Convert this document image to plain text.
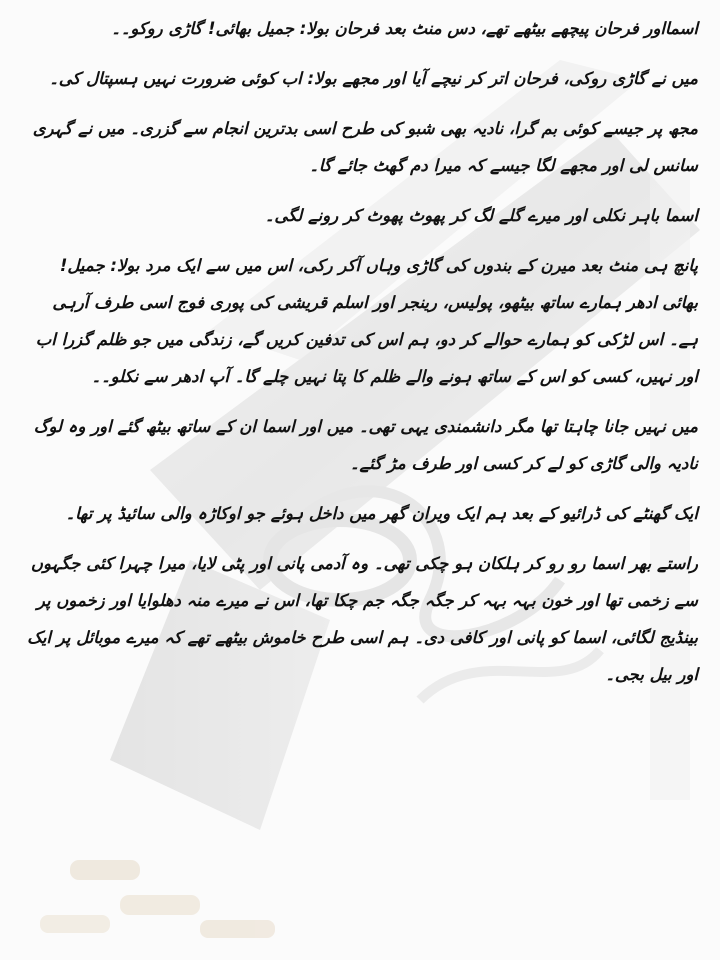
اسمااور فرحان پیچھے بیٹھے تھے، دس منٹ بعد فرحان بولا: جمیل بھائی! گاڑی روکو۔۔

میں نے گاڑی روکی، فرحان اتر کر نیچے آیا اور مجھے بولا: اب کوئی ضرورت نہیں ہسپتال کی۔

مجھ پر جیسے کوئی بم گرا، نادیہ بھی شبو کی طرح اسی بدترین انجام سے گزری۔ میں نے گہری سانس لی اور مجھے لگا جیسے کہ میرا دم گھٹ جائے گا۔

اسما باہر نکلی اور میرے گلے لگ کر پھوٹ پھوٹ کر رونے لگی۔

پانچ ہی منٹ بعد میرن کے بندوں کی گاڑی وہاں آکر رکی، اس میں سے ایک مرد بولا: جمیل! بھائی ادھر ہمارے ساتھ بیٹھو، پولیس، رینجر اور اسلم قریشی کی پوری فوج اسی طرف آرہی ہے۔ اس لڑکی کو ہمارے حوالے کر دو، ہم اس کی تدفین کریں گے، زندگی میں جو ظلم گزرا اب اور نہیں، کسی کو اس کے ساتھ ہونے والے ظلم کا پتا نہیں چلے گا۔ آپ ادھر سے نکلو۔۔

میں نہیں جانا چاہتا تھا مگر دانشمندی یہی تھی۔ میں اور اسما ان کے ساتھ بیٹھ گئے اور وہ لوگ نادیہ والی گاڑی کو لے کر کسی اور طرف مڑ گئے۔

ایک گھنٹے کی ڈرائیو کے بعد ہم ایک ویران گھر میں داخل ہوئے جو اوکاڑہ والی سائیڈ پر تھا۔

راستے بھر اسما رو رو کر ہلکان ہو چکی تھی۔ وہ آدمی پانی اور پٹی لایا، میرا چہرا کئی جگہوں سے زخمی تھا اور خون بہہ بہہ کر جگہ جگہ جم چکا تھا، اس نے میرے منہ دھلوایا اور زخموں پر بینڈیج لگائی، اسما کو پانی اور کافی دی۔ ہم اسی طرح خاموش بیٹھے تھے کہ میرے موبائل پر ایک اور بیل بجی۔
